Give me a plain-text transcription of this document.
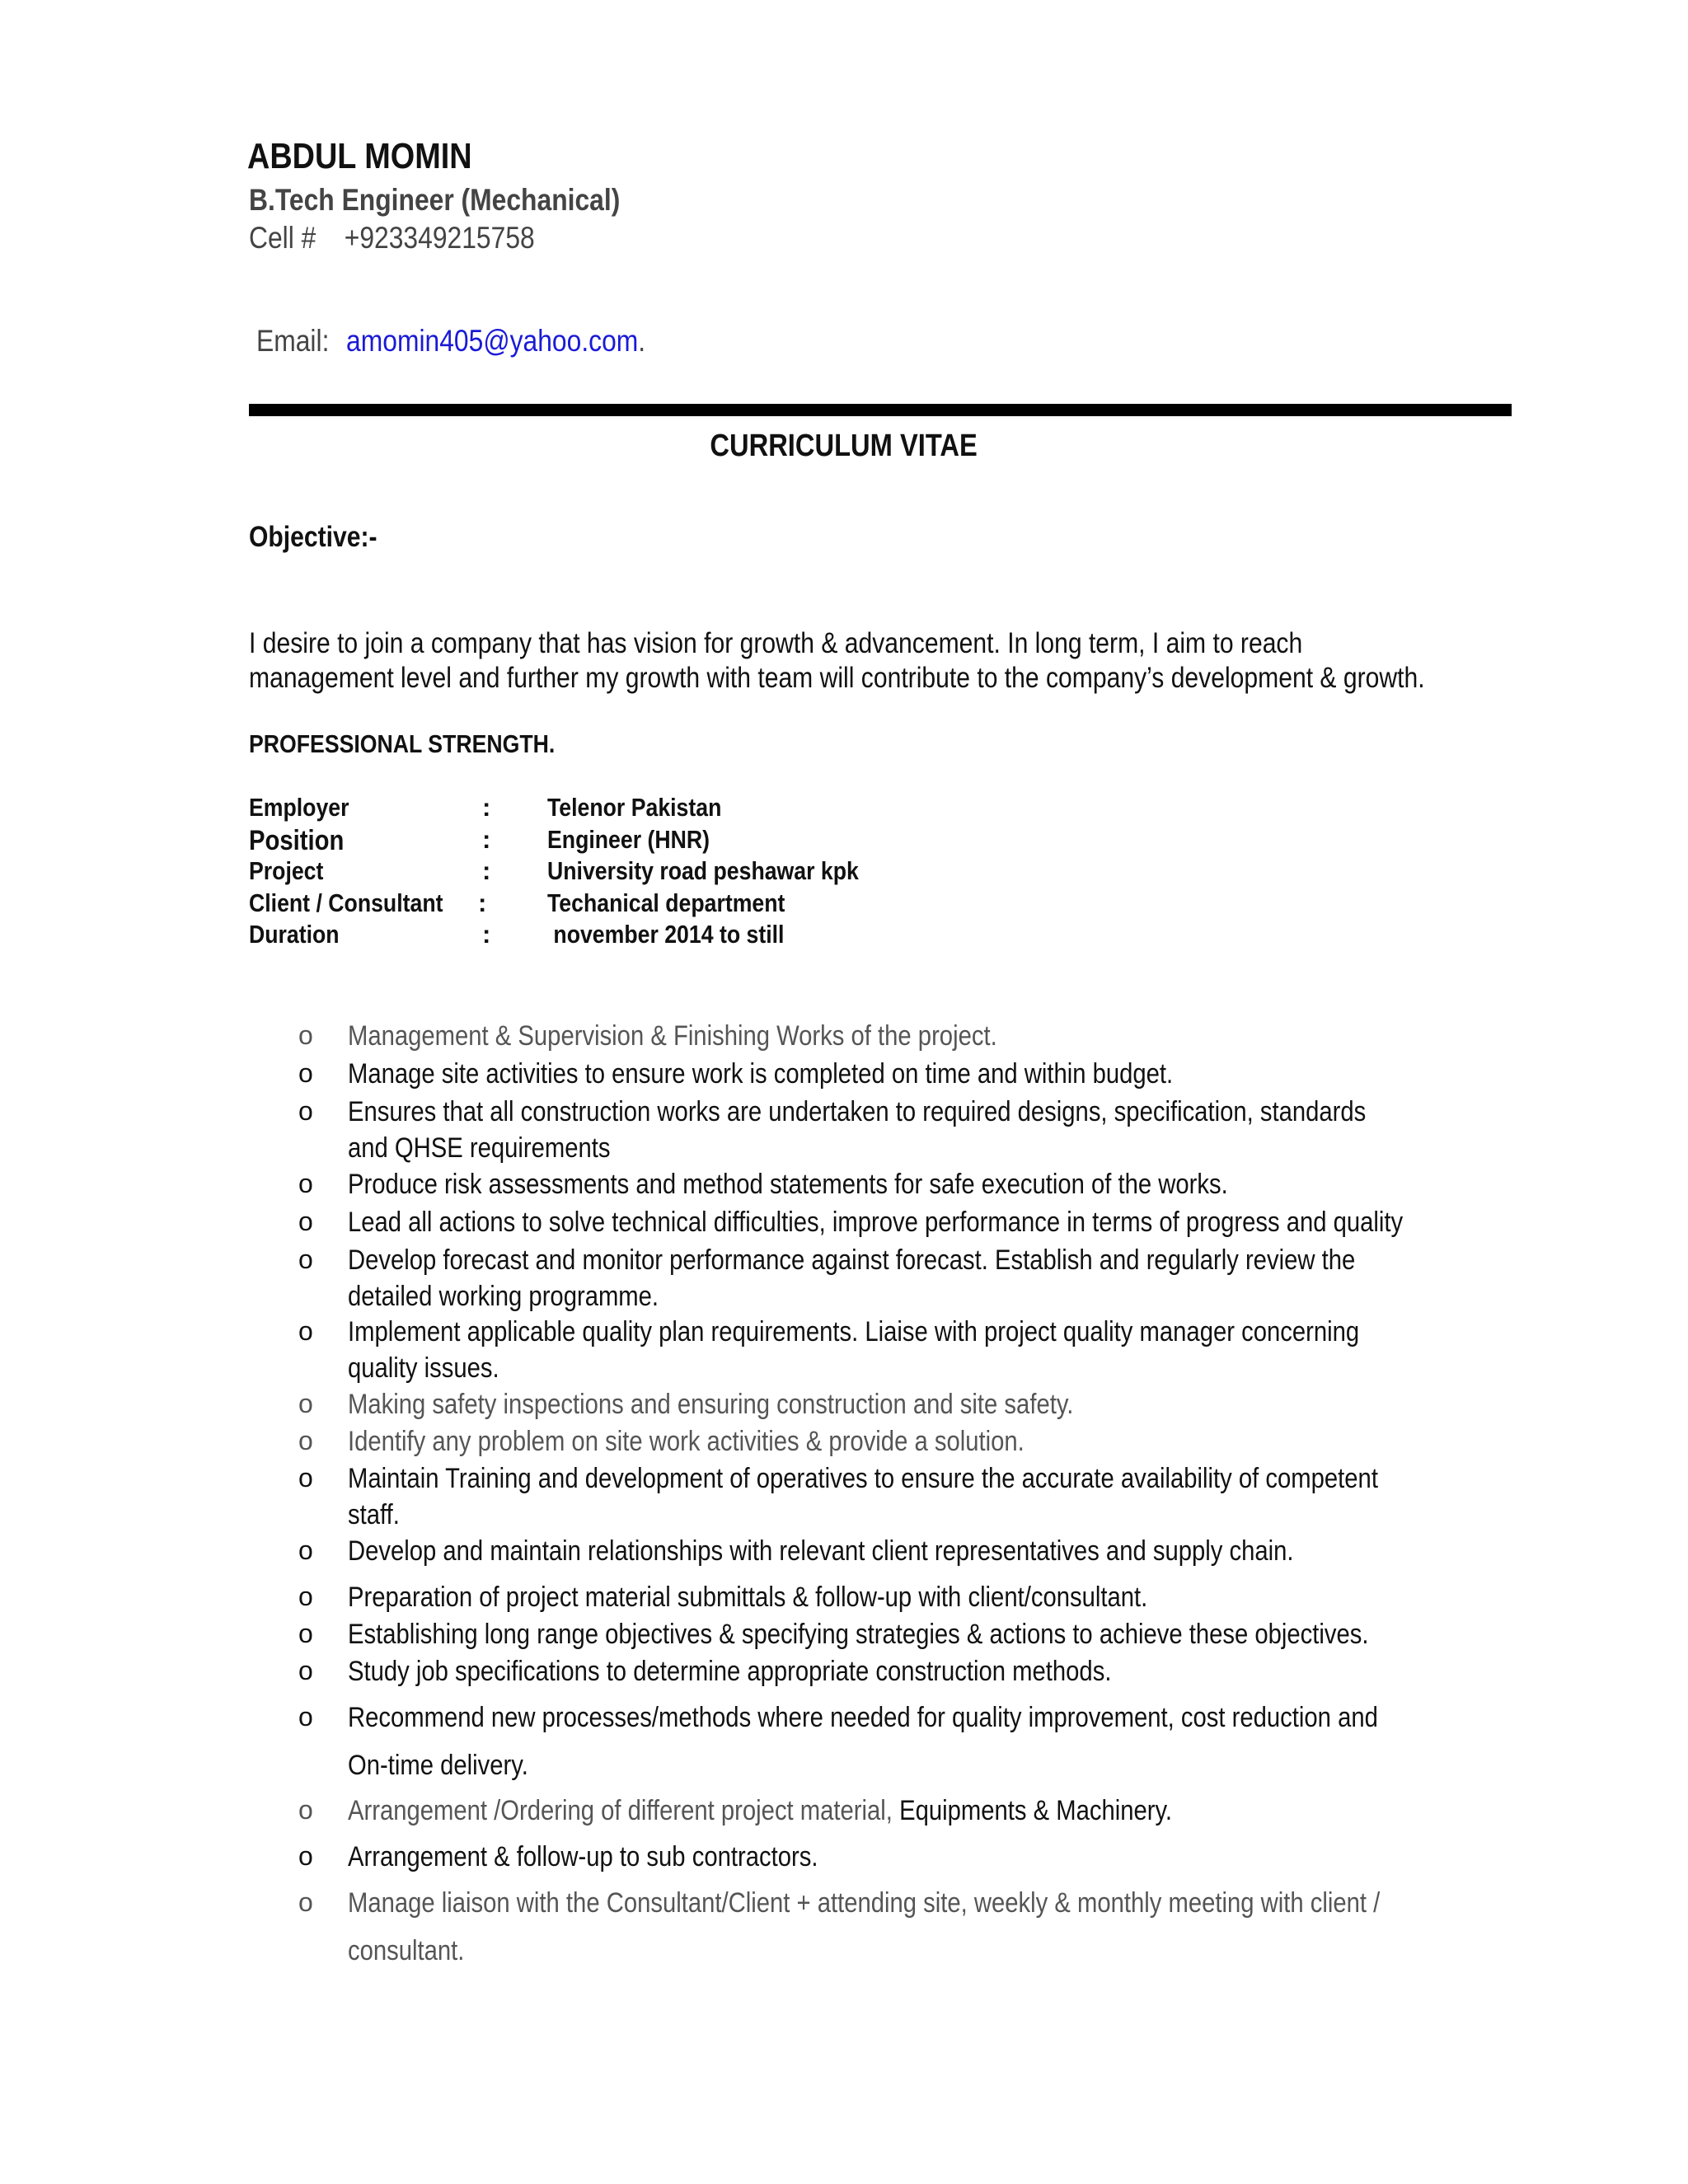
ABDUL MOMIN
B.Tech Engineer (Mechanical)
Cell # +923349215758
Email: amomin405@yahoo.com.
CURRICULUM VITAE
Objective:-
I desire to join a company that has vision for growth & advancement. In long term, I aim to reach
management level and further my growth with team will contribute to the company’s development & growth.
PROFESSIONAL STRENGTH.
Employer	: Telenor Pakistan
Position	: Engineer (HNR)
Project	: University road peshawar kpk
Client / Consultant : Techanical department
Duration	: november 2014 to still
o Management & Supervision & Finishing Works of the project.
o Manage site activities to ensure work is completed on time and within budget.
o Ensures that all construction works are undertaken to required designs, specification, standards
and QHSE requirements
o Produce risk assessments and method statements for safe execution of the works.
o Lead all actions to solve technical difficulties, improve performance in terms of progress and quality
o Develop forecast and monitor performance against forecast. Establish and regularly review the
detailed working programme.
o Implement applicable quality plan requirements. Liaise with project quality manager concerning
quality issues.
o Making safety inspections and ensuring construction and site safety.
o Identify any problem on site work activities & provide a solution.
o Maintain Training and development of operatives to ensure the accurate availability of competent
staff.
o Develop and maintain relationships with relevant client representatives and supply chain.
o Preparation of project material submittals & follow-up with client/consultant.
o Establishing long range objectives & specifying strategies & actions to achieve these objectives.
o Study job specifications to determine appropriate construction methods.
o Recommend new processes/methods where needed for quality improvement, cost reduction and
On-time delivery.
o Arrangement /Ordering of different project material, Equipments & Machinery.
o Arrangement & follow-up to sub contractors.
o Manage liaison with the Consultant/Client + attending site, weekly & monthly meeting with client /
consultant.
